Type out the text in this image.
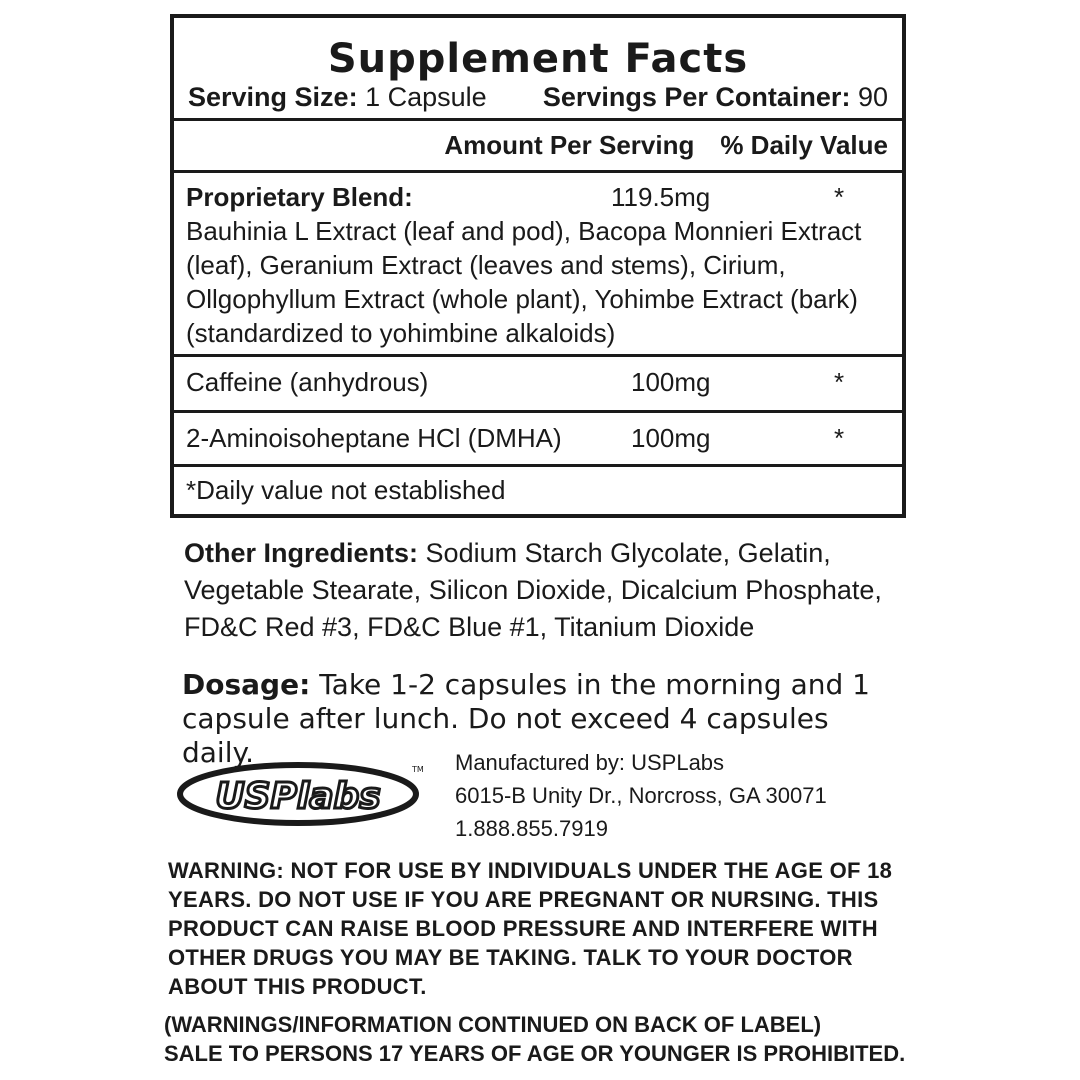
Supplement Facts
Serving Size: 1 Capsule Servings Per Container: 90
Amount Per Serving % Daily Value
Proprietary Blend:	119.5mg	*
Bauhinia L Extract (leaf and pod), Bacopa Monnieri Extract
(leaf), Geranium Extract (leaves and stems), Cirium,
Ollgophyllum Extract (whole plant), Yohimbe Extract (bark)
(standardized to yohimbine alkaloids)
Caffeine (anhydrous)	100mg	*
2-Aminoisoheptane HCl (DMHA)	100mg	*
*Daily value not established
Other Ingredients: Sodium Starch Glycolate, Gelatin, Vegetable Stearate, Silicon Dioxide, Dicalcium Phosphate, FD&C Red #3, FD&C Blue #1, Titanium Dioxide
Dosage: Take 1-2 capsules in the morning and 1 capsule after lunch. Do not exceed 4 capsules daily.
USPlabs
TM Manufactured by: USPLabs
6015-B Unity Dr., Norcross, GA 30071
1.888.855.7919
WARNING: NOT FOR USE BY INDIVIDUALS UNDER THE AGE OF 18 YEARS. DO NOT USE IF YOU ARE PREGNANT OR NURSING. THIS PRODUCT CAN RAISE BLOOD PRESSURE AND INTERFERE WITH OTHER DRUGS YOU MAY BE TAKING. TALK TO YOUR DOCTOR ABOUT THIS PRODUCT.
(WARNINGS/INFORMATION CONTINUED ON BACK OF LABEL)
SALE TO PERSONS 17 YEARS OF AGE OR YOUNGER IS PROHIBITED.
